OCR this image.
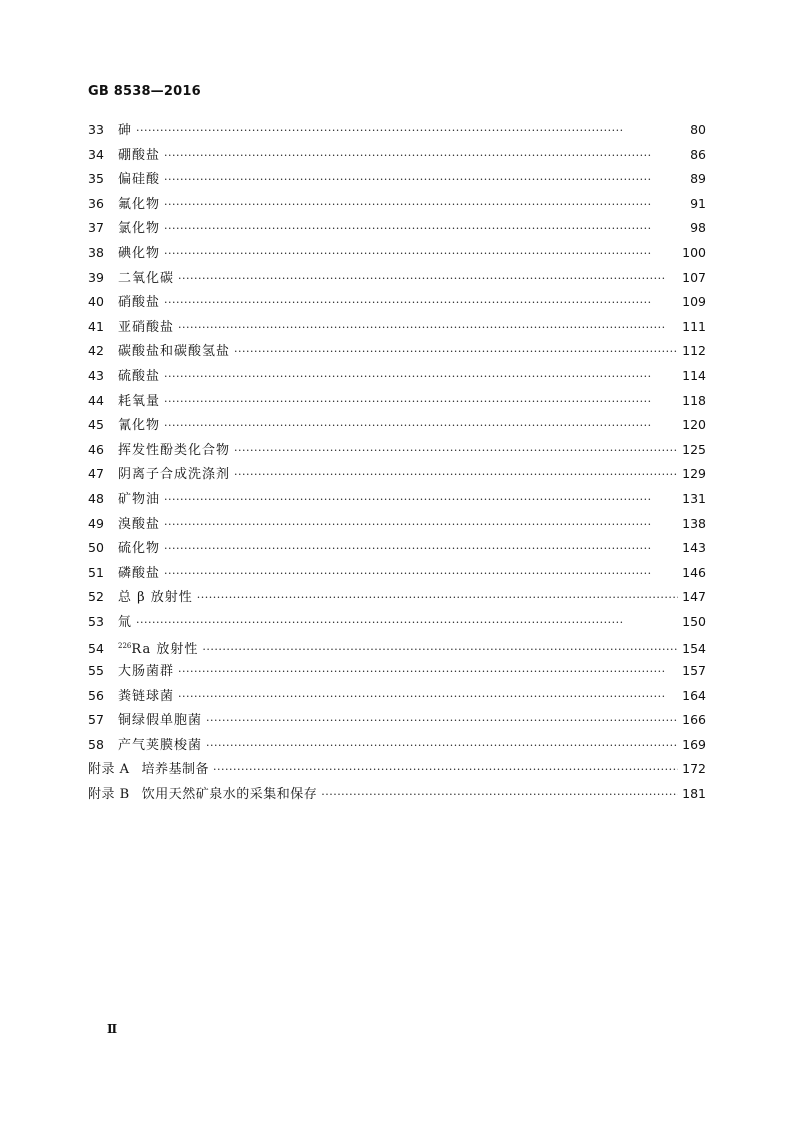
GB 8538—2016
33	砷 ·····	80
34	硼酸盐 ·····	86
35	偏硅酸 ·····	89
36	氟化物 ·····	91
37	氯化物 ·····	98
38	碘化物 ·····	100
39	二氧化碳 ·····	107
40	硝酸盐 ·····	109
41	亚硝酸盐 ·····	111
42	碳酸盐和碳酸氢盐 ·····	112
43	硫酸盐 ·····	114
44	耗氧量 ·····	118
45	氰化物 ·····	120
46	挥发性酚类化合物 ·····	125
47	阴离子合成洗涤剂 ·····	129
48	矿物油 ·····	131
49	溴酸盐 ·····	138
50	硫化物 ·····	143
51	磷酸盐 ·····	146
52	总 β 放射性 ·····	147
53	氚 ·····	150
54	$^{226}$Ra 放射性 ·····	154
55	大肠菌群 ·····	157
56	粪链球菌 ·····	164
57	铜绿假单胞菌 ·····	166
58	产气荚膜梭菌 ·····	169
附录 A 培养基制备 ·····	172
附录 B 饮用天然矿泉水的采集和保存 ·····	181
Ⅱ
